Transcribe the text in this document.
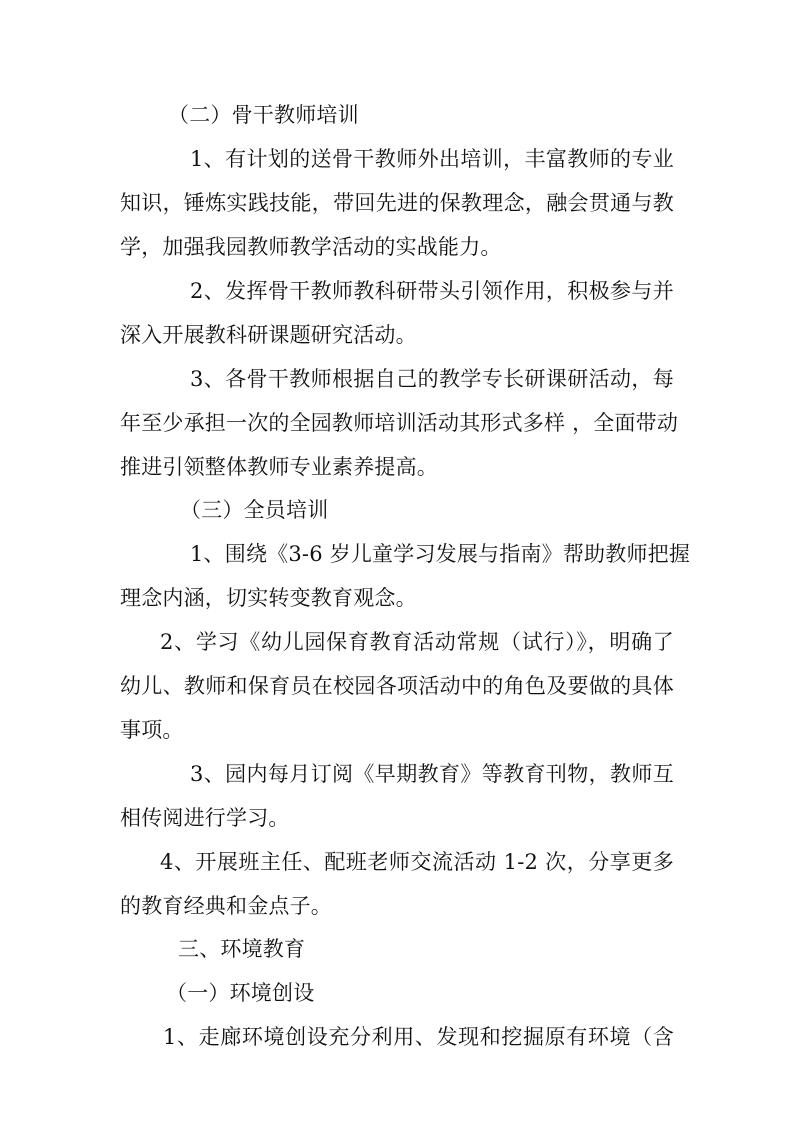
（二）骨干教师培训
1、有计划的送骨干教师外出培训，丰富教师的专业
知识，锤炼实践技能，带回先进的保教理念，融会贯通与教
学，加强我园教师教学活动的实战能力。
2、发挥骨干教师教科研带头引领作用，积极参与并
深入开展教科研课题研究活动。
3、各骨干教师根据自己的教学专长研课研活动，每
年至少承担一次的全园教师培训活动其形式多样 ，全面带动
推进引领整体教师专业素养提高。
（三）全员培训
1、围绕《3-6 岁儿童学习发展与指南》帮助教师把握
理念内涵，切实转变教育观念。
2、学习《幼儿园保育教育活动常规（试行）》，明确了
幼儿、教师和保育员在校园各项活动中的角色及要做的具体
事项。
3、园内每月订阅《早期教育》等教育刊物，教师互
相传阅进行学习。
4、开展班主任、配班老师交流活动 1-2 次，分享更多
的教育经典和金点子。
三、环境教育
（一）环境创设
1、走廊环境创设充分利用、发现和挖掘原有环境（含
